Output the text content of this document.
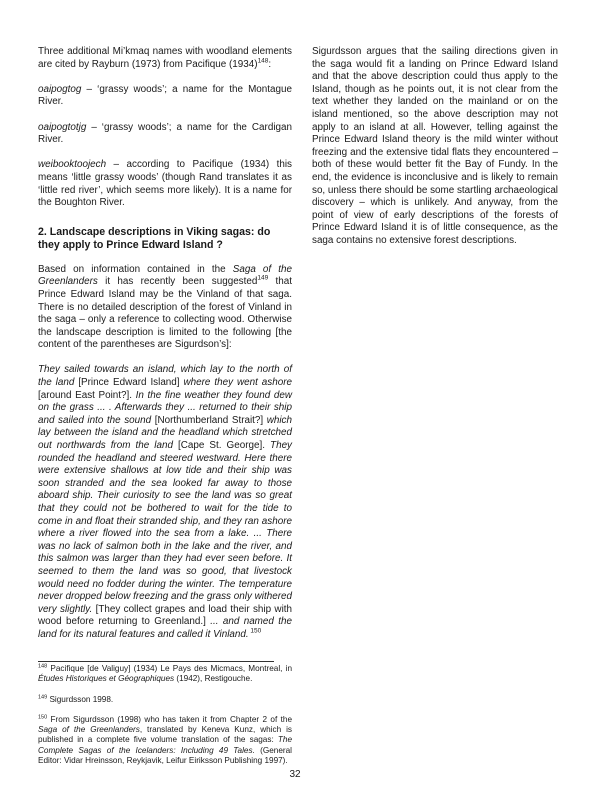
Three additional Mi’kmaq names with woodland elements are cited by Rayburn (1973) from Pacifique $(1934)^{148}$:

oaipogtog – ‘grassy woods’; a name for the Montague River.

oaipogtotjg – ‘grassy woods’; a name for the Cardigan River.

weibooktoojech – according to Pacifique (1934) this means ‘little grassy woods’ (though Rand translates it as ‘little red river’, which seems more likely). It is a name for the Boughton River.

2. Landscape descriptions in Viking sagas: do they apply to Prince Edward Island ?

Based on information contained in the Saga of the Greenlanders it has recently been suggested$^{149}$ that Prince Edward Island may be the Vinland of that saga. There is no detailed description of the forest of Vinland in the saga – only a reference to collecting wood. Otherwise the landscape description is limited to the following [the content of the parentheses are Sigurdson’s]:

They sailed towards an island, which lay to the north of the land [Prince Edward Island] where they went ashore [around East Point?]. In the fine weather they found dew on the grass ... . Afterwards they ... returned to their ship and sailed into the sound [Northumberland Strait?] which lay between the island and the headland which stretched out northwards from the land [Cape St. George]. They rounded the headland and steered westward. Here there were extensive shallows at low tide and their ship was soon stranded and the sea looked far away to those aboard ship. Their curiosity to see the land was so great that they could not be bothered to wait for the tide to come in and float their stranded ship, and they ran ashore where a river flowed into the sea from a lake. ... There was no lack of salmon both in the lake and the river, and this salmon was larger than they had ever seen before. It seemed to them the land was so good, that livestock would need no fodder during the winter. The temperature never dropped below freezing and the grass only withered very slightly. [They collect grapes and load their ship with wood before returning to Greenland.] ... and named the land for its natural features and called it Vinland. $^{150}$

Sigurdsson argues that the sailing directions given in the saga would fit a landing on Prince Edward Island and that the above description could thus apply to the Island, though as he points out, it is not clear from the text whether they landed on the mainland or on the island mentioned, so the above description may not apply to an island at all. However, telling against the Prince Edward Island theory is the mild winter without freezing and the extensive tidal flats they encountered – both of these would better fit the Bay of Fundy. In the end, the evidence is inconclusive and is likely to remain so, unless there should be some startling archaeological discovery – which is unlikely. And anyway, from the point of view of early descriptions of the forests of Prince Edward Island it is of little consequence, as the saga contains no extensive forest descriptions.

$^{148}$ Pacifique [de Valiguy] (1934) Le Pays des Micmacs, Montreal, in Études Historiques et Géographiques (1942), Restigouche.

$^{149}$ Sigurdsson 1998.

$^{150}$ From Sigurdsson (1998) who has taken it from Chapter 2 of the Saga of the Greenlanders, translated by Keneva Kunz, which is published in a complete five volume translation of the sagas: The Complete Sagas of the Icelanders: Including 49 Tales. (General Editor: Vidar Hreinsson, Reykjavik, Leifur Eiriksson Publishing 1997).

32
